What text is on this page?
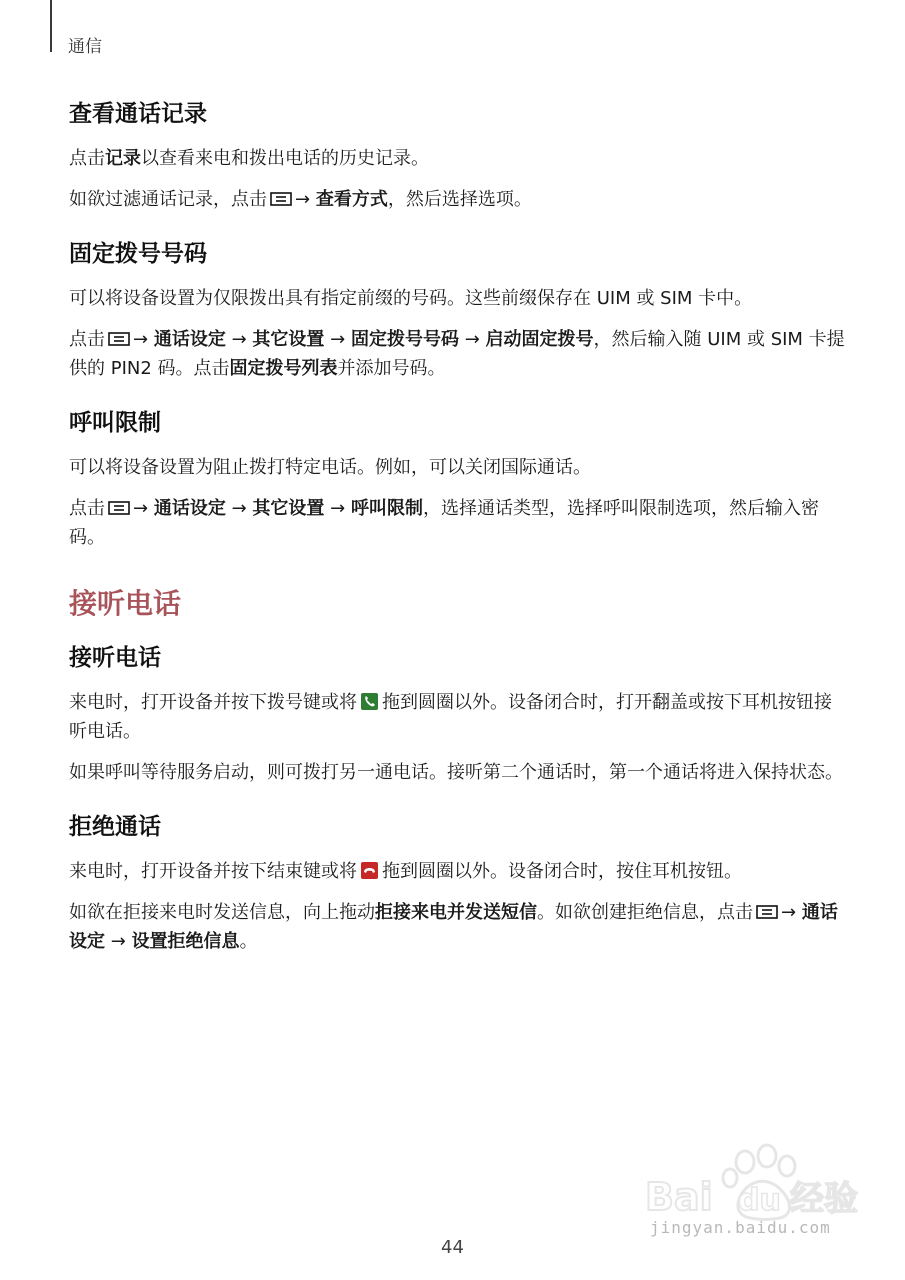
通信
查看通话记录

点击记录以查看来电和拨出电话的历史记录。

如欲过滤通话记录，点击 → 查看方式，然后选择选项。

固定拨号号码

可以将设备设置为仅限拨出具有指定前缀的号码。这些前缀保存在 UIM 或 SIM 卡中。

点击 → 通话设定 → 其它设置 → 固定拨号号码 → 启动固定拨号，然后输入随 UIM 或 SIM 卡提供的 PIN2 码。点击固定拨号列表并添加号码。

呼叫限制

可以将设备设置为阻止拨打特定电话。例如，可以关闭国际通话。

点击 → 通话设定 → 其它设置 → 呼叫限制，选择通话类型，选择呼叫限制选项，然后输入密码。

接听电话
接听电话

来电时，打开设备并按下拨号键或将 拖到圆圈以外。设备闭合时，打开翻盖或按下耳机按钮接听电话。

如果呼叫等待服务启动，则可拨打另一通电话。接听第二个通话时，第一个通话将进入保持状态。

拒绝通话

来电时，打开设备并按下结束键或将 拖到圆圈以外。设备闭合时，按住耳机按钮。

如欲在拒接来电时发送信息，向上拖动拒接来电并发送短信。如欲创建拒绝信息，点击 → 通话设定 → 设置拒绝信息。

Bai du 经验
jingyan.baidu.com
44
